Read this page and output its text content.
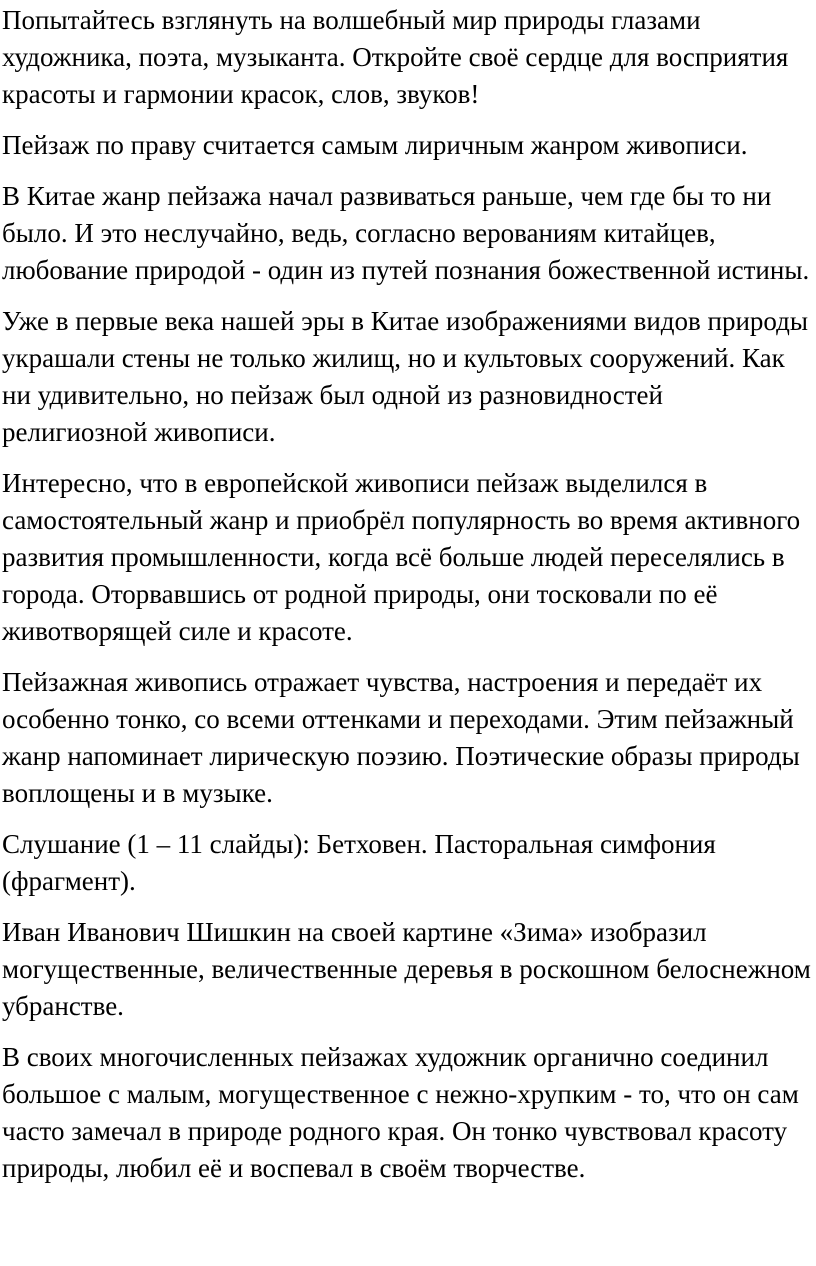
Попытайтесь взглянуть на волшебный мир природы глазами художника, поэта, музыканта. Откройте своё сердце для восприятия красоты и гармонии красок, слов, звуков!

Пейзаж по праву считается самым лиричным жанром живописи.

В Китае жанр пейзажа начал развиваться раньше, чем где бы то ни было. И это неслучайно, ведь, согласно верованиям китайцев, любование природой - один из путей познания божественной истины.

Уже в первые века нашей эры в Китае изображениями видов природы украшали стены не только жилищ, но и культовых сооружений. Как ни удивительно, но пейзаж был одной из разновидностей религиозной живописи.

Интересно, что в европейской живописи пейзаж выделился в самостоятельный жанр и приобрёл популярность во время активного развития промышленности, когда всё больше людей переселялись в города. Оторвавшись от родной природы, они тосковали по её животворящей силе и красоте.

Пейзажная живопись отражает чувства, настроения и передаёт их особенно тонко, со всеми оттенками и переходами. Этим пейзажный жанр напоминает лирическую поэзию. Поэтические образы природы воплощены и в музыке.

Слушание (1 – 11 слайды): Бетховен. Пасторальная симфония (фрагмент).

Иван Иванович Шишкин на своей картине «Зима» изобразил могущественные, величественные деревья в роскошном белоснежном убранстве.

В своих многочисленных пейзажах художник органично соединил большое с малым, могущественное с нежно-хрупким - то, что он сам часто замечал в природе родного края. Он тонко чувствовал красоту природы, любил её и воспевал в своём творчестве.
